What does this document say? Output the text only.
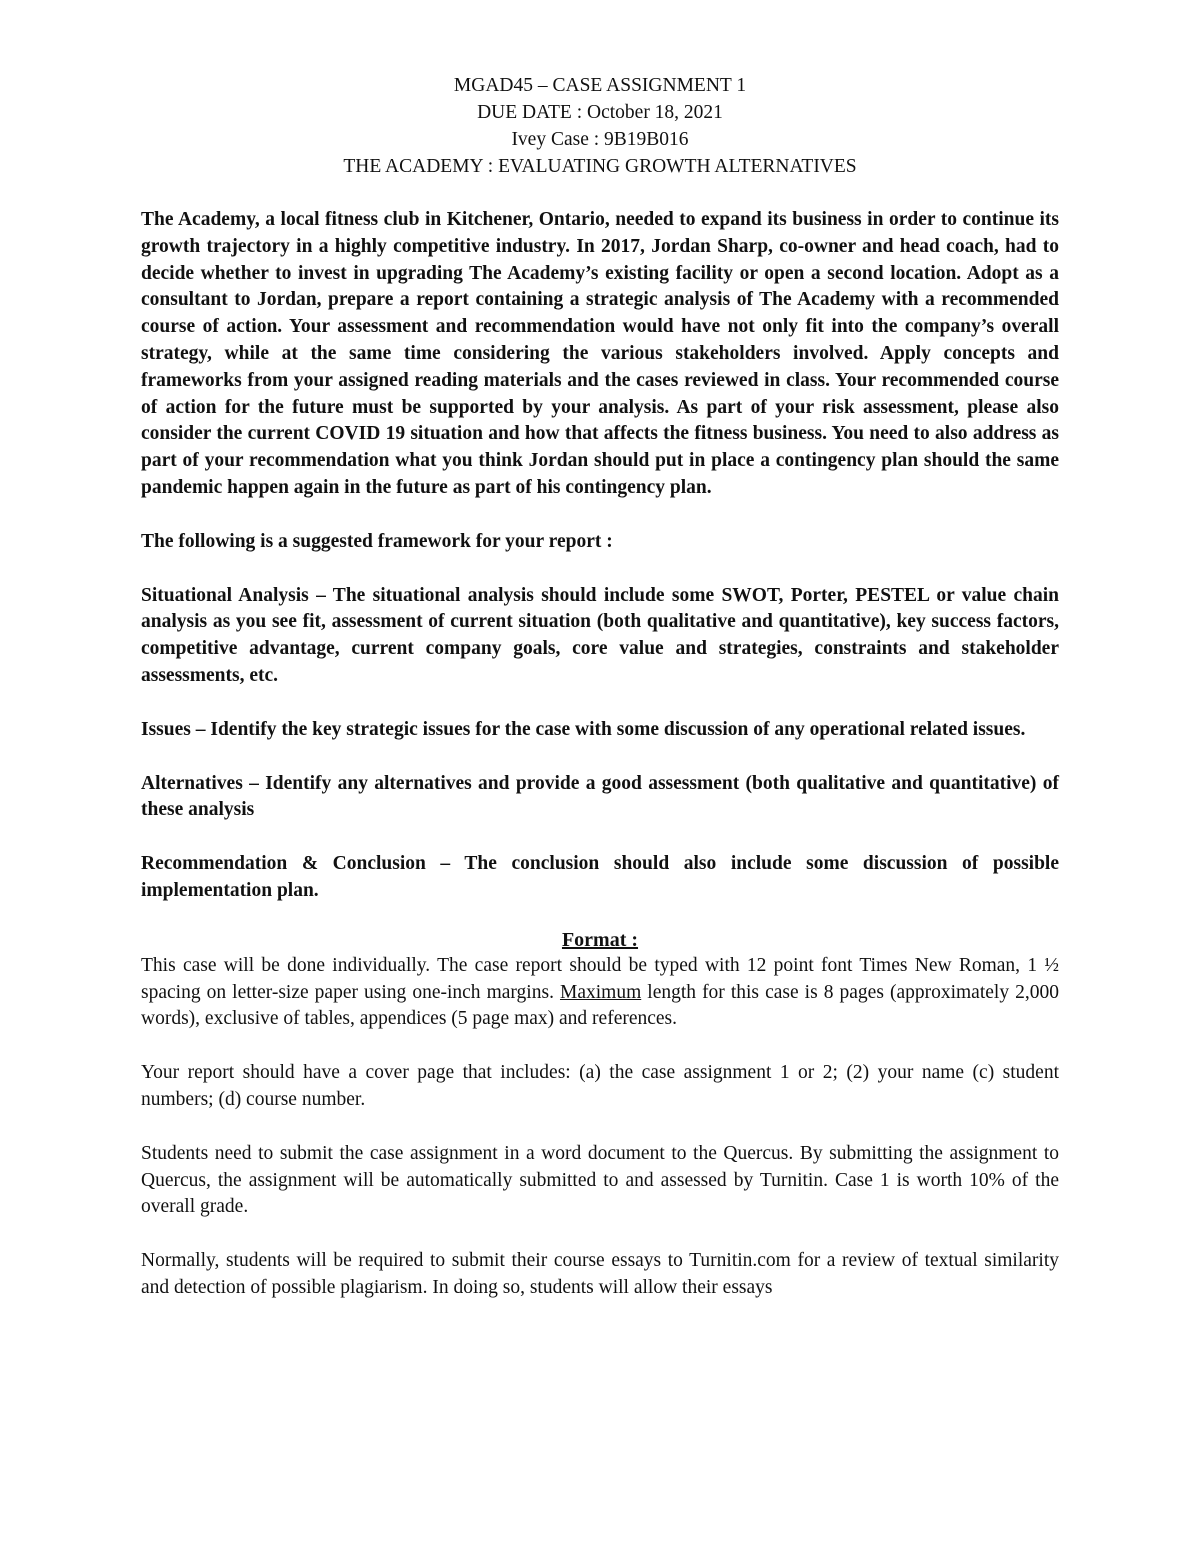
MGAD45 – CASE ASSIGNMENT 1
DUE DATE : October 18, 2021
Ivey Case : 9B19B016
THE ACADEMY : EVALUATING GROWTH ALTERNATIVES

The Academy, a local fitness club in Kitchener, Ontario, needed to expand its business in order to continue its growth trajectory in a highly competitive industry. In 2017, Jordan Sharp, co-owner and head coach, had to decide whether to invest in upgrading The Academy’s existing facility or open a second location. Adopt as a consultant to Jordan, prepare a report containing a strategic analysis of The Academy with a recommended course of action. Your assessment and recommendation would have not only fit into the company’s overall strategy, while at the same time considering the various stakeholders involved. Apply concepts and frameworks from your assigned reading materials and the cases reviewed in class. Your recommended course of action for the future must be supported by your analysis. As part of your risk assessment, please also consider the current COVID 19 situation and how that affects the fitness business. You need to also address as part of your recommendation what you think Jordan should put in place a contingency plan should the same pandemic happen again in the future as part of his contingency plan.

The following is a suggested framework for your report :

Situational Analysis – The situational analysis should include some SWOT, Porter, PESTEL or value chain analysis as you see fit, assessment of current situation (both qualitative and quantitative), key success factors, competitive advantage, current company goals, core value and strategies, constraints and stakeholder assessments, etc.

Issues – Identify the key strategic issues for the case with some discussion of any operational related issues.

Alternatives – Identify any alternatives and provide a good assessment (both qualitative and quantitative) of these analysis

Recommendation & Conclusion – The conclusion should also include some discussion of possible implementation plan.

Format :

This case will be done individually. The case report should be typed with 12 point font Times New Roman, 1 ½ spacing on letter-size paper using one-inch margins. Maximum length for this case is 8 pages (approximately 2,000 words), exclusive of tables, appendices (5 page max) and references.

Your report should have a cover page that includes: (a) the case assignment 1 or 2; (2) your name (c) student numbers; (d) course number.

Students need to submit the case assignment in a word document to the Quercus. By submitting the assignment to Quercus, the assignment will be automatically submitted to and assessed by Turnitin. Case 1 is worth 10% of the overall grade.

Normally, students will be required to submit their course essays to Turnitin.com for a review of textual similarity and detection of possible plagiarism. In doing so, students will allow their essays
